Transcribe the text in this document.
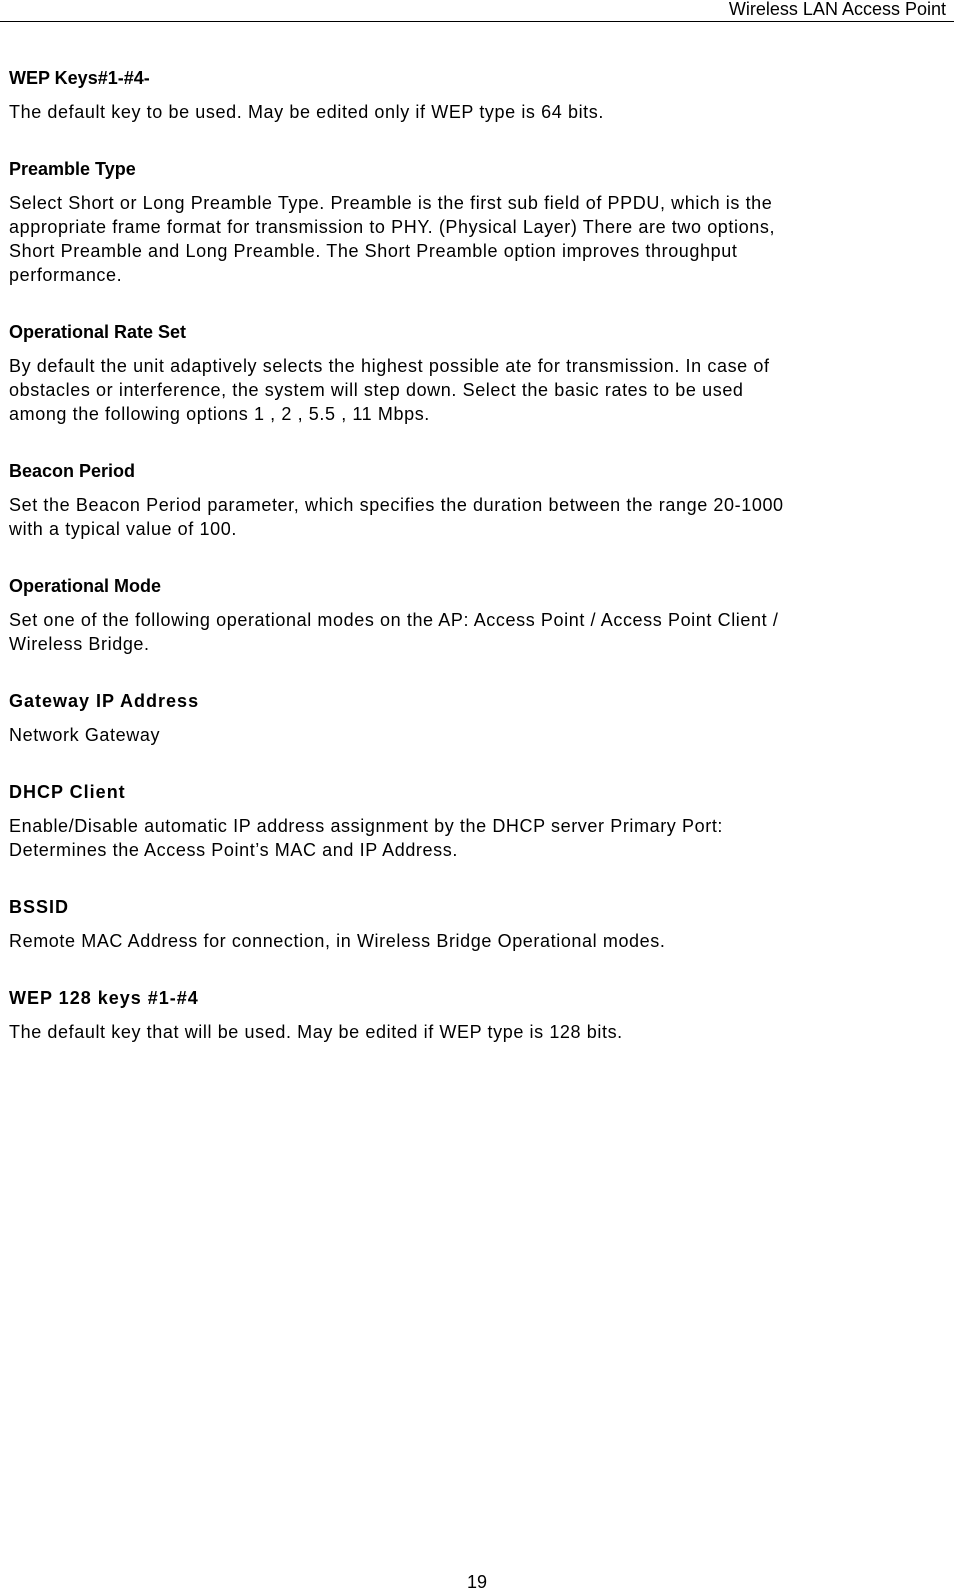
Wireless LAN Access Point
WEP Keys#1-#4-

The default key to be used. May be edited only if WEP type is 64 bits.

Preamble Type

Select Short or Long Preamble Type. Preamble is the first sub field of PPDU, which is the
appropriate frame format for transmission to PHY. (Physical Layer) There are two options,
Short Preamble and Long Preamble. The Short Preamble option improves throughput
performance.

Operational Rate Set

By default the unit adaptively selects the highest possible ate for transmission. In case of
obstacles or interference, the system will step down. Select the basic rates to be used
among the following options 1 , 2 , 5.5 , 11 Mbps.

Beacon Period

Set the Beacon Period parameter, which specifies the duration between the range 20-1000
with a typical value of 100.

Operational Mode

Set one of the following operational modes on the AP: Access Point / Access Point Client /
Wireless Bridge.

Gateway IP Address

Network Gateway

DHCP Client

Enable/Disable automatic IP address assignment by the DHCP server Primary Port:
Determines the Access Point’s MAC and IP Address.

BSSID

Remote MAC Address for connection, in Wireless Bridge Operational modes.

WEP 128 keys #1-#4

The default key that will be used. May be edited if WEP type is 128 bits.

19
